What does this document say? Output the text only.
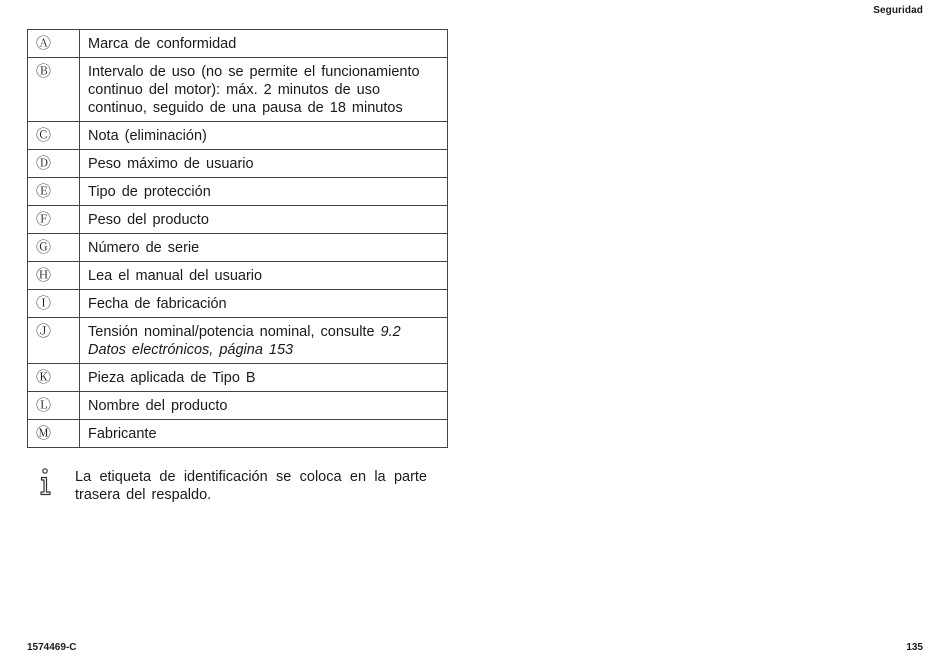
Seguridad
Ⓐ	Marca de conformidad
Ⓑ	Intervalo de uso (no se permite el funcionamiento continuo del motor): máx. 2 minutos de uso continuo, seguido de una pausa de 18 minutos
Ⓒ	Nota (eliminación)
Ⓓ	Peso máximo de usuario
Ⓔ	Tipo de protección
Ⓕ	Peso del producto
Ⓖ	Número de serie
Ⓗ	Lea el manual del usuario
Ⓘ	Fecha de fabricación
Ⓙ	Tensión nominal/potencia nominal, consulte 9.2 Datos electrónicos, página 153
Ⓚ	Pieza aplicada de Tipo B
Ⓛ	Nombre del producto
Ⓜ	Fabricante
La etiqueta de identificación se coloca en la parte trasera del respaldo.
1574469-C	135
